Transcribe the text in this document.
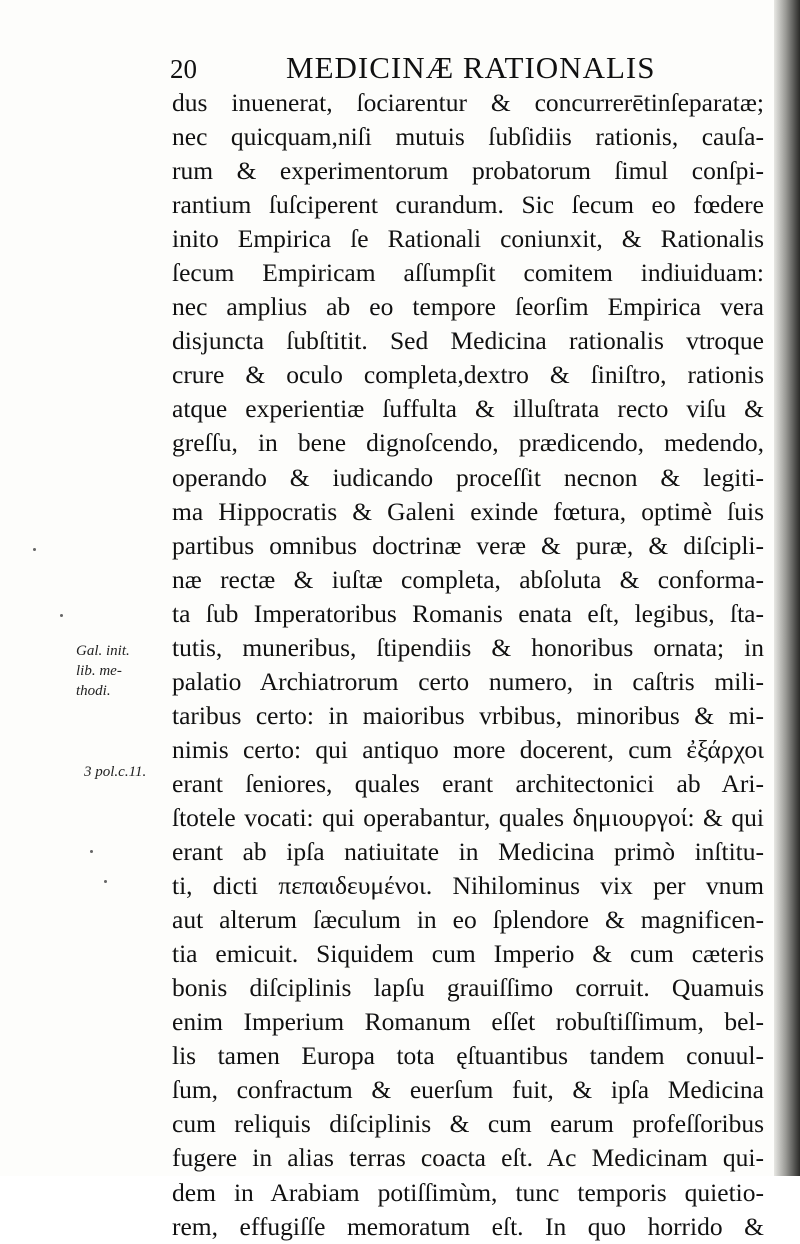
20	MEDICINÆ RATIONALIS
dus inuenerat, ſociarentur & concurrerētinſeparatæ;
nec quicquam,niſi mutuis ſubſidiis rationis, cauſa-
rum & experimentorum probatorum ſimul conſpi-
rantium ſuſciperent curandum. Sic ſecum eo fœdere
inito Empirica ſe Rationali coniunxit, & Rationalis
ſecum Empiricam aſſumpſit comitem indiuiduam:
nec amplius ab eo tempore ſeorſim Empirica vera
disjuncta ſubſtitit. Sed Medicina rationalis vtroque
crure & oculo completa,dextro & ſiniſtro, rationis
atque experientiæ ſuffulta & illuſtrata recto viſu &
greſſu, in bene dignoſcendo, prædicendo, medendo,
operando & iudicando proceſſit necnon & legiti-
ma Hippocratis & Galeni exinde fœtura, optimè ſuis
partibus omnibus doctrinæ veræ & puræ, & diſcipli-
næ rectæ & iuſtæ completa, abſoluta & conforma-
ta ſub Imperatoribus Romanis enata eſt, legibus, ſta-
tutis, muneribus, ſtipendiis & honoribus ornata; in
palatio Archiatrorum certo numero, in caſtris mili-
taribus certo: in maioribus vrbibus, minoribus & mi-
nimis certo: qui antiquo more docerent, cum ἐξάρχοι
erant ſeniores, quales erant architectonici ab Ari-
ſtotele vocati: qui operabantur, quales δημιουργοί: & qui
erant ab ipſa natiuitate in Medicina primò inſtitu-
ti, dicti πεπαιδευμένοι. Nihilominus vix per vnum
aut alterum ſæculum in eo ſplendore & magnificen-
tia emicuit. Siquidem cum Imperio & cum cæteris
bonis diſciplinis lapſu grauiſſimo corruit. Quamuis
enim Imperium Romanum eſſet robuſtiſſimum, bel-
lis tamen Europa tota ęſtuantibus tandem conuul-
ſum, confractum & euerſum fuit, & ipſa Medicina
cum reliquis diſciplinis & cum earum profeſſoribus
fugere in alias terras coacta eſt. Ac Medicinam qui-
dem in Arabiam potiſſimùm, tunc temporis quietio-
rem, effugiſſe memoratum eſt. In quo horrido &
Gal. init.
lib. me-
thodi.
3 pol.c.11.
